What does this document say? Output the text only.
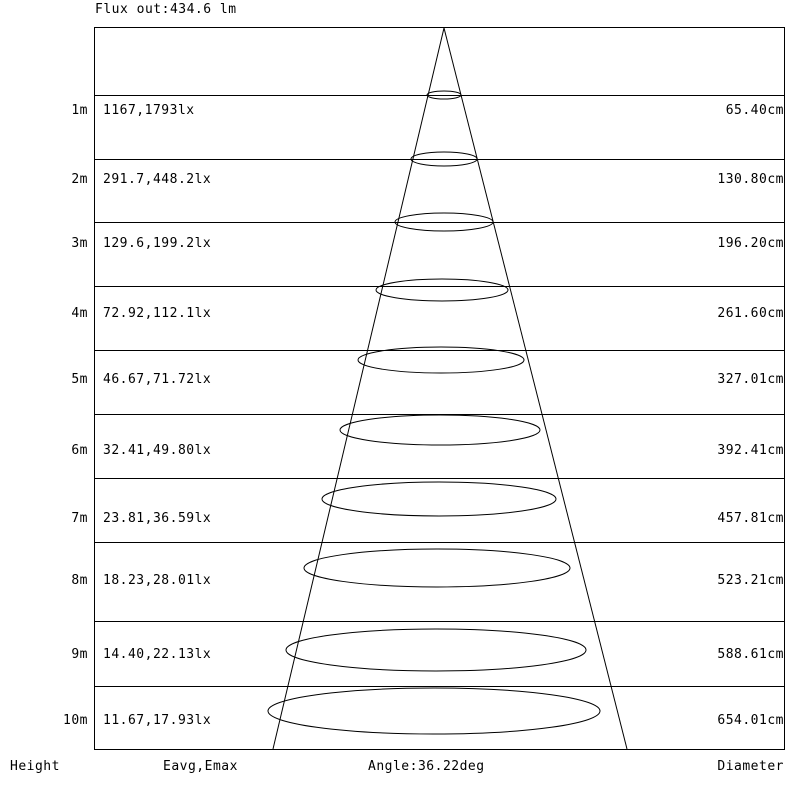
Flux out:434.6 lm
1m 1167,1793lx	65.40cm
2m 291.7,448.2lx	130.80cm
3m 129.6,199.2lx	196.20cm
4m 72.92,112.1lx	261.60cm
5m 46.67,71.72lx	327.01cm
6m 32.41,49.80lx	392.41cm
7m 23.81,36.59lx	457.81cm
8m 18.23,28.01lx	523.21cm
9m 14.40,22.13lx	588.61cm
10m 11.67,17.93lx	654.01cm
Height	Eavg,Emax	Angle:36.22deg	Diameter
